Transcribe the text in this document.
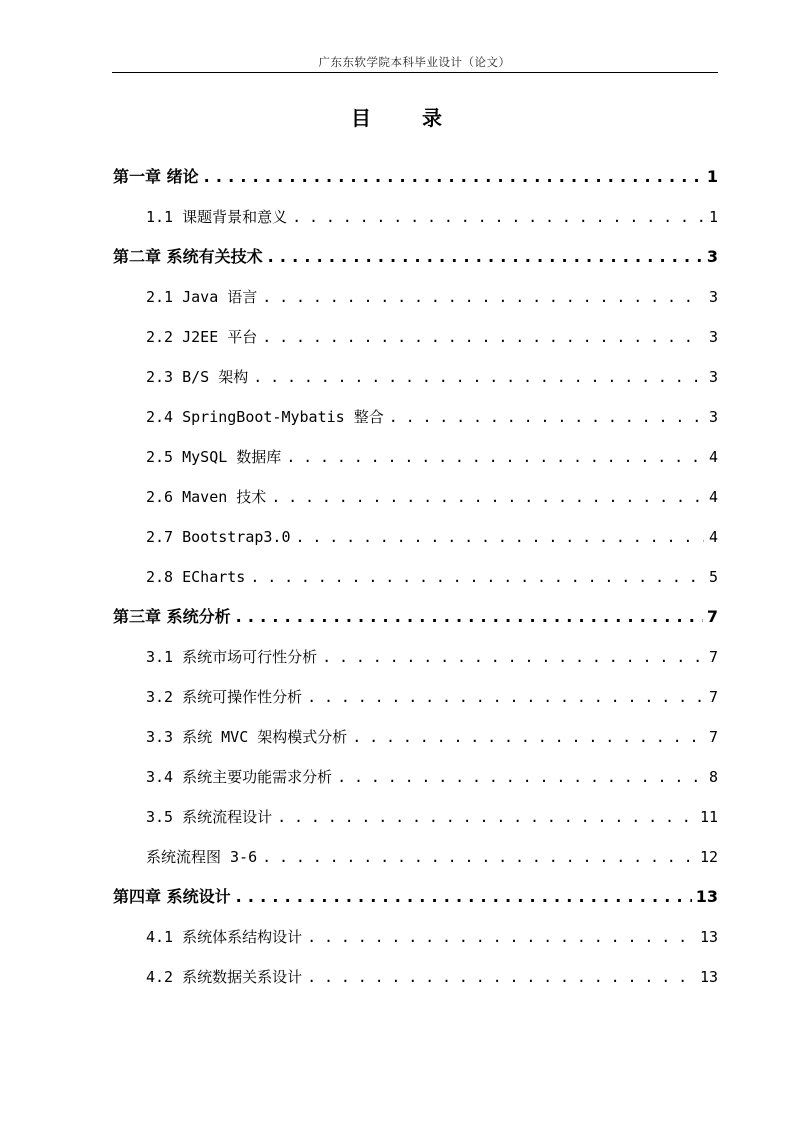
广东东软学院本科毕业设计（论文）
目 录
第一章 绪论 . . .	1
1.1 课题背景和意义 . . .	1
第二章 系统有关技术 . . .	3
2.1 Java 语言 . . .	3
2.2 J2EE 平台 . . .	3
2.3 B/S 架构 . . .	3
2.4 SpringBoot-Mybatis 整合 . . .	3
2.5 MySQL 数据库 . . .	4
2.6 Maven 技术 . . .	4
2.7 Bootstrap3.0 . . .	4
2.8 ECharts . . .	5
第三章 系统分析 . . .	7
3.1 系统市场可行性分析 . . .	7
3.2 系统可操作性分析 . . .	7
3.3 系统 MVC 架构模式分析 . . .	7
3.4 系统主要功能需求分析 . . .	8
3.5 系统流程设计 . . .	11
系统流程图 3-6 . . .	12
第四章 系统设计 . . .	13
4.1 系统体系结构设计 . . .	13
4.2 系统数据关系设计 . . .	13
